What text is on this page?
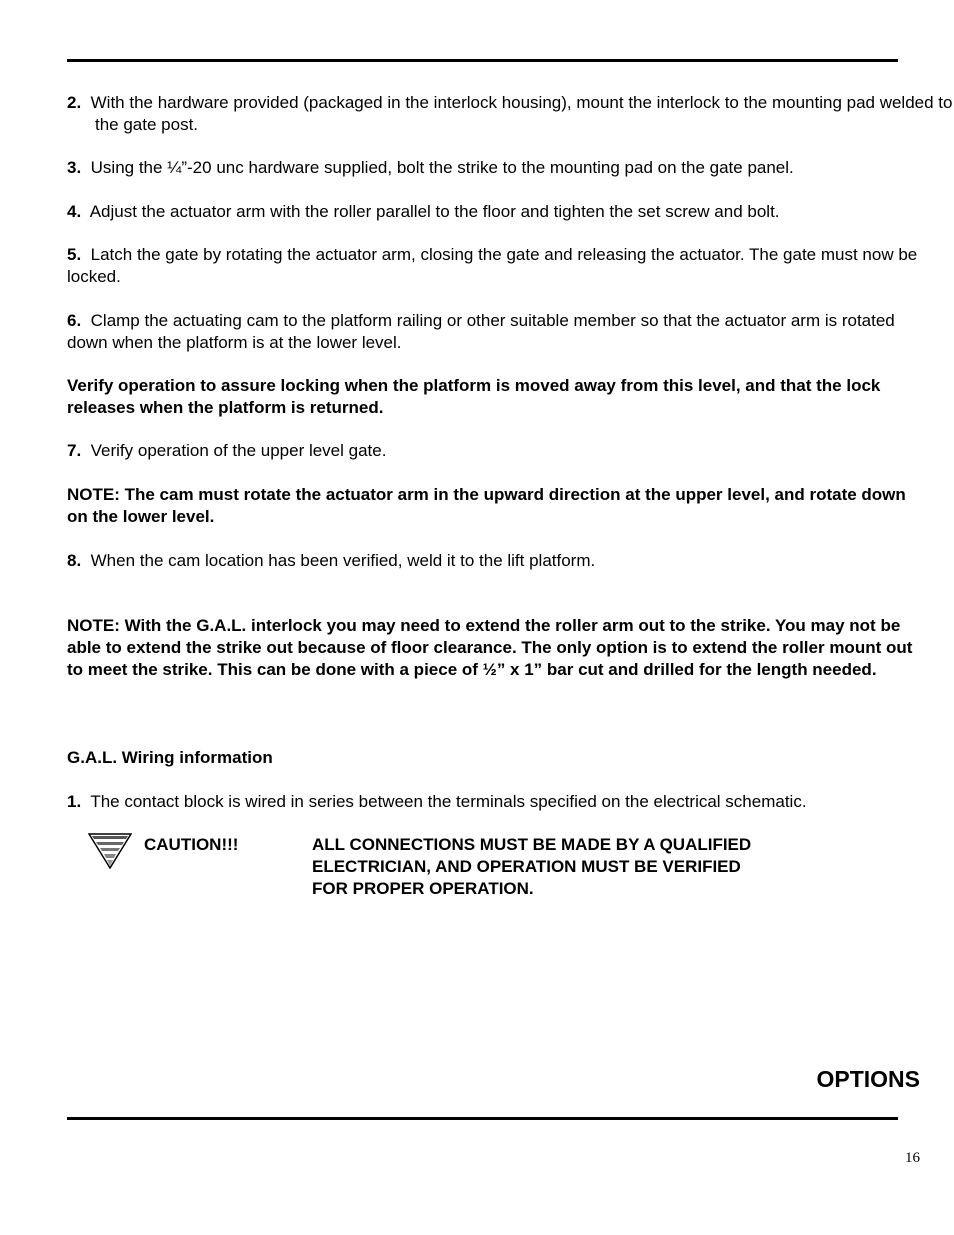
2. With the hardware provided (packaged in the interlock housing), mount the interlock to the mounting pad welded to the gate post.

3. Using the ¼”-20 unc hardware supplied, bolt the strike to the mounting pad on the gate panel.

4. Adjust the actuator arm with the roller parallel to the floor and tighten the set screw and bolt.

5. Latch the gate by rotating the actuator arm, closing the gate and releasing the actuator. The gate must now be locked.

6. Clamp the actuating cam to the platform railing or other suitable member so that the actuator arm is rotated down when the platform is at the lower level.

Verify operation to assure locking when the platform is moved away from this level, and that the lock releases when the platform is returned.

7. Verify operation of the upper level gate.

NOTE: The cam must rotate the actuator arm in the upward direction at the upper level, and rotate down on the lower level.

8. When the cam location has been verified, weld it to the lift platform.

NOTE: With the G.A.L. interlock you may need to extend the roller arm out to the strike. You may not be able to extend the strike out because of floor clearance. The only option is to extend the roller mount out to meet the strike. This can be done with a piece of ½” x 1” bar cut and drilled for the length needed.

G.A.L. Wiring information

1. The contact block is wired in series between the terminals specified on the electrical schematic.

CAUTION!!!	ALL CONNECTIONS MUST BE MADE BY A QUALIFIED
ELECTRICIAN, AND OPERATION MUST BE VERIFIED
FOR PROPER OPERATION.
OPTIONS
16
